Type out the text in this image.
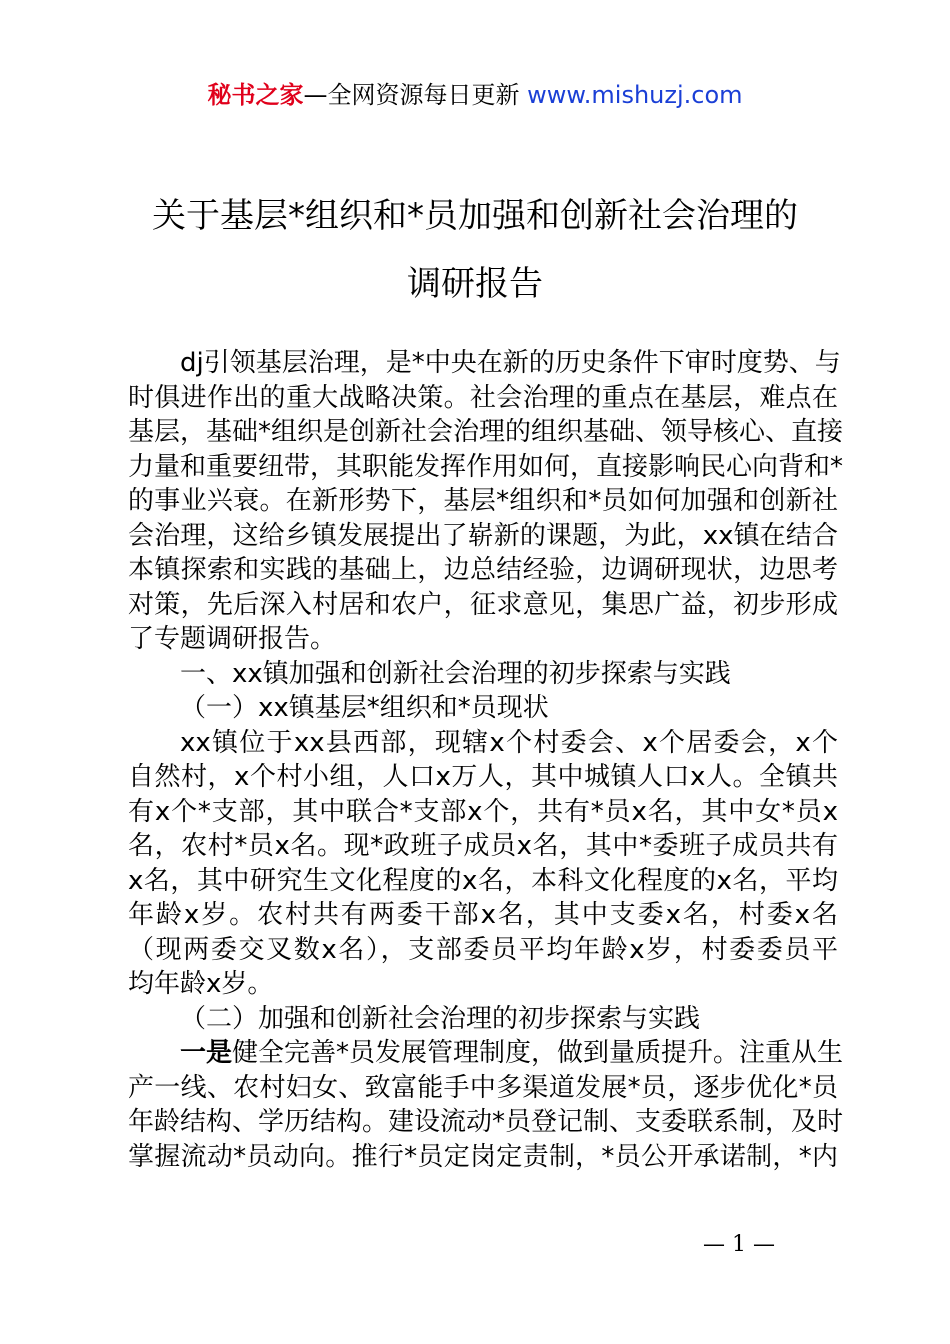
秘书之家—全网资源每日更新 www.mishuzj.com
关于基层*组织和*员加强和创新社会治理的
调研报告
dj引领基层治理，是*中央在新的历史条件下审时度势、与
时俱进作出的重大战略决策。社会治理的重点在基层，难点在
基层，基础*组织是创新社会治理的组织基础、领导核心、直接
力量和重要纽带，其职能发挥作用如何，直接影响民心向背和*
的事业兴衰。在新形势下，基层*组织和*员如何加强和创新社
会治理，这给乡镇发展提出了崭新的课题，为此，xx镇在结合
本镇探索和实践的基础上，边总结经验，边调研现状，边思考
对策，先后深入村居和农户，征求意见，集思广益，初步形成
了专题调研报告。
一、xx镇加强和创新社会治理的初步探索与实践
（一）xx镇基层*组织和*员现状
xx镇位于xx县西部，现辖x个村委会、x个居委会，x个
自然村，x个村小组，人口x万人，其中城镇人口x人。全镇共
有x个*支部，其中联合*支部x个，共有*员x名，其中女*员x
名，农村*员x名。现*政班子成员x名，其中*委班子成员共有
x名，其中研究生文化程度的x名，本科文化程度的x名，平均
年龄x岁。农村共有两委干部x名，其中支委x名，村委x名
（现两委交叉数x名），支部委员平均年龄x岁，村委委员平
均年龄x岁。
（二）加强和创新社会治理的初步探索与实践
一是健全完善*员发展管理制度，做到量质提升。注重从生
产一线、农村妇女、致富能手中多渠道发展*员，逐步优化*员
年龄结构、学历结构。建设流动*员登记制、支委联系制，及时
掌握流动*员动向。推行*员定岗定责制，*员公开承诺制，*内
— 1 —
